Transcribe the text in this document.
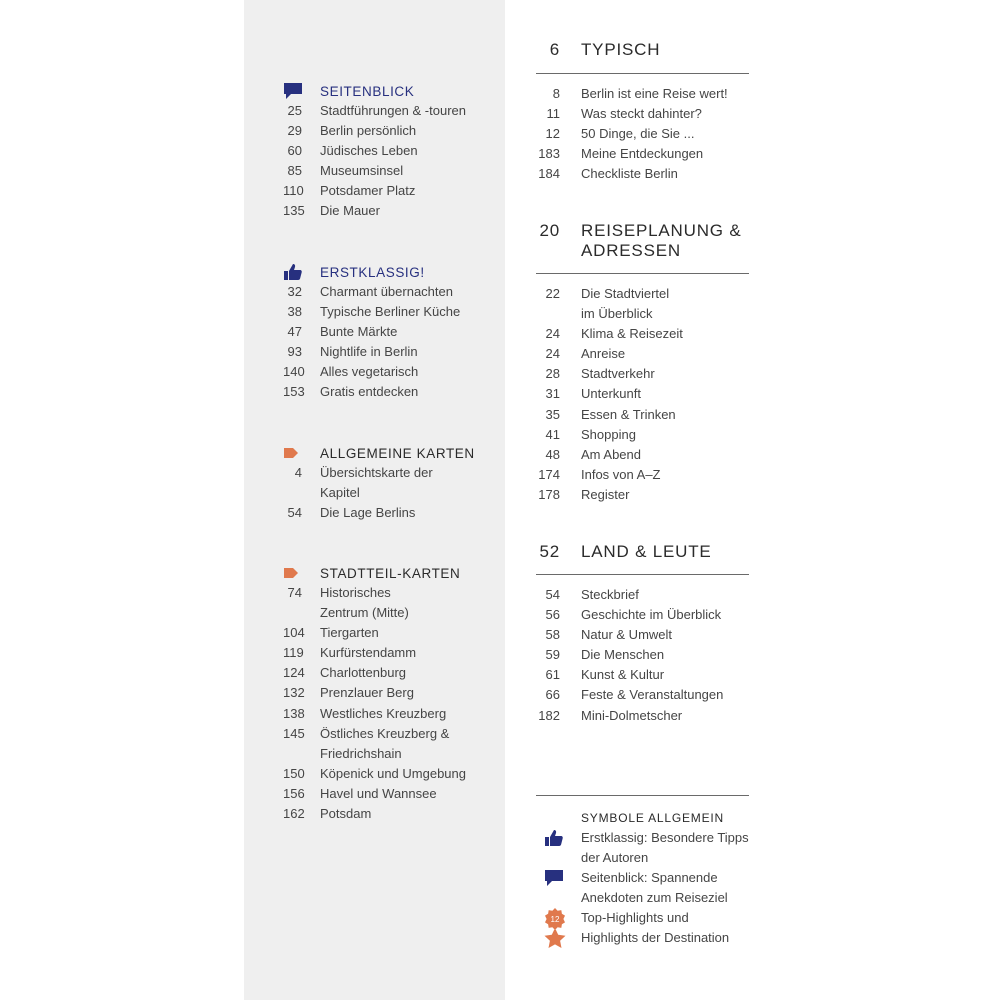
SEITENBLICK
25 Stadtführungen & -touren
29 Berlin persönlich
60 Jüdisches Leben
85 Museumsinsel
110 Potsdamer Platz
135 Die Mauer
ERSTKLASSIG!
32 Charmant übernachten
38 Typische Berliner Küche
47 Bunte Märkte
93 Nightlife in Berlin
140 Alles vegetarisch
153 Gratis entdecken
ALLGEMEINE KARTEN
4 Übersichtskarte der
Kapitel
54 Die Lage Berlins
STADTTEIL-KARTEN
74 Historisches
Zentrum (Mitte)
104 Tiergarten
119 Kurfürstendamm
124 Charlottenburg
132 Prenzlauer Berg
138 Westliches Kreuzberg
145 Östliches Kreuzberg &
Friedrichshain
150 Köpenick und Umgebung
156 Havel und Wannsee
162 Potsdam
6 TYPISCH
8 Berlin ist eine Reise wert!
11 Was steckt dahinter?
12 50 Dinge, die Sie ...
183 Meine Entdeckungen
184 Checkliste Berlin
20 REISEPLANUNG &
ADRESSEN
22 Die Stadtviertel
im Überblick
24 Klima & Reisezeit
24 Anreise
28 Stadtverkehr
31 Unterkunft
35 Essen & Trinken
41 Shopping
48 Am Abend
174 Infos von A–Z
178 Register
52 LAND & LEUTE
54 Steckbrief
56 Geschichte im Überblick
58 Natur & Umwelt
59 Die Menschen
61 Kunst & Kultur
66 Feste & Veranstaltungen
182 Mini-Dolmetscher
SYMBOLE ALLGEMEIN
Erstklassig: Besondere Tipps
der Autoren
Seitenblick: Spannende
Anekdoten zum Reiseziel
12 Top-Highlights und
Highlights der Destination
